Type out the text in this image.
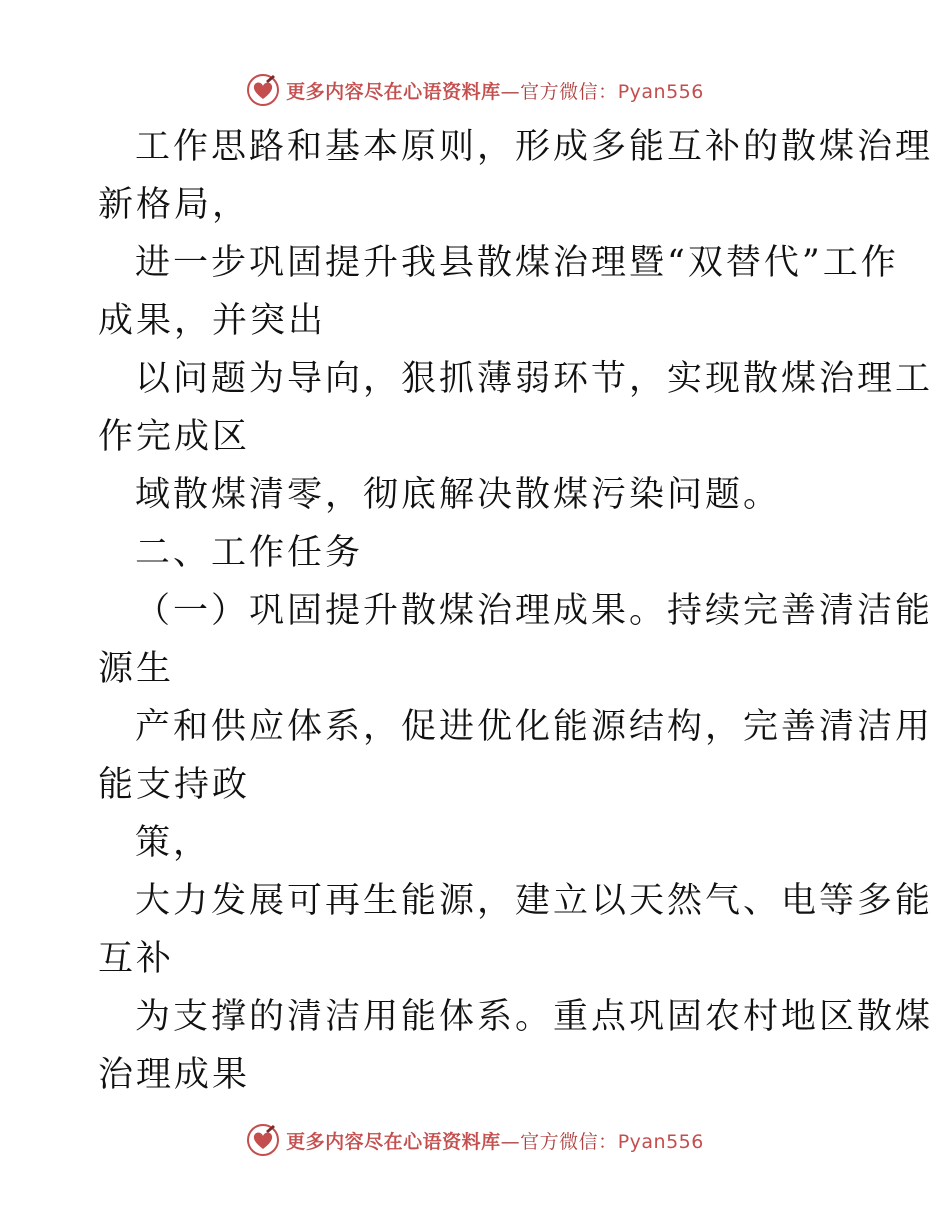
更多内容尽在心语资料库—官方微信：Pyan556
工作思路和基本原则，形成多能互补的散煤治理
新格局，
进一步巩固提升我县散煤治理暨“双替代”工作
成果，并突出
以问题为导向，狠抓薄弱环节，实现散煤治理工
作完成区
域散煤清零，彻底解决散煤污染问题。
二、工作任务
（一）巩固提升散煤治理成果。持续完善清洁能
源生
产和供应体系，促进优化能源结构，完善清洁用
能支持政
策，
大力发展可再生能源，建立以天然气、电等多能
互补
为支撑的清洁用能体系。重点巩固农村地区散煤
治理成果
更多内容尽在心语资料库—官方微信：Pyan556
